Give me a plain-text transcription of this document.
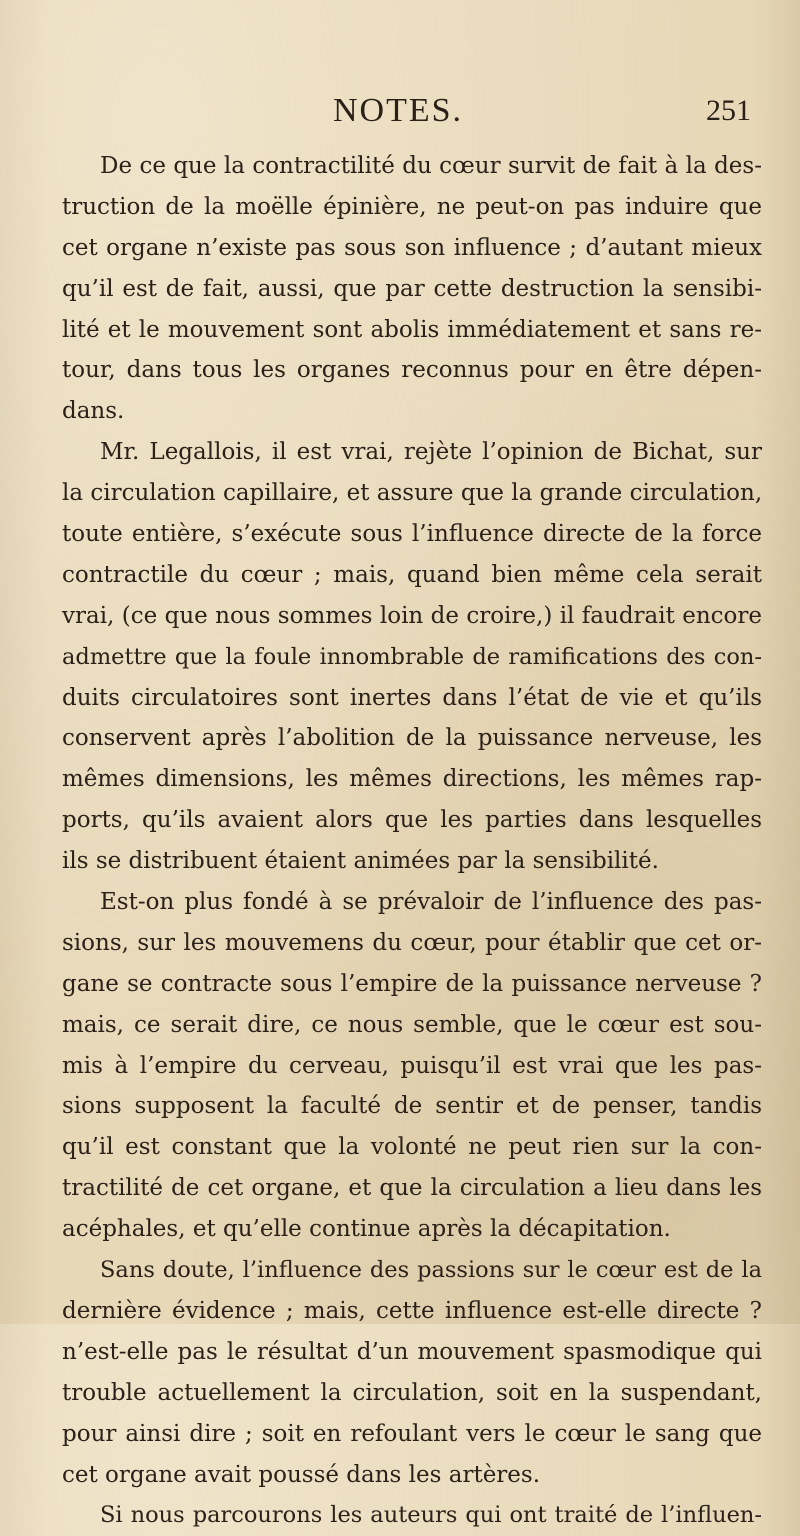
NOTES.	251
De ce que la contractilité du cœur survit de fait à la des-
truction de la moëlle épinière, ne peut-on pas induire que
cet organe n’existe pas sous son influence ; d’autant mieux
qu’il est de fait, aussi, que par cette destruction la sensibi-
lité et le mouvement sont abolis immédiatement et sans re-
tour, dans tous les organes reconnus pour en être dépen-
dans.
Mr. Legallois, il est vrai, rejète l’opinion de Bichat, sur
la circulation capillaire, et assure que la grande circulation,
toute entière, s’exécute sous l’influence directe de la force
contractile du cœur ; mais, quand bien même cela serait
vrai, (ce que nous sommes loin de croire,) il faudrait encore
admettre que la foule innombrable de ramifications des con-
duits circulatoires sont inertes dans l’état de vie et qu’ils
conservent après l’abolition de la puissance nerveuse, les
mêmes dimensions, les mêmes directions, les mêmes rap-
ports, qu’ils avaient alors que les parties dans lesquelles
ils se distribuent étaient animées par la sensibilité.
Est-on plus fondé à se prévaloir de l’influence des pas-
sions, sur les mouvemens du cœur, pour établir que cet or-
gane se contracte sous l’empire de la puissance nerveuse ?
mais, ce serait dire, ce nous semble, que le cœur est sou-
mis à l’empire du cerveau, puisqu’il est vrai que les pas-
sions supposent la faculté de sentir et de penser, tandis
qu’il est constant que la volonté ne peut rien sur la con-
tractilité de cet organe, et que la circulation a lieu dans les
acéphales, et qu’elle continue après la décapitation.
Sans doute, l’influence des passions sur le cœur est de la
dernière évidence ; mais, cette influence est-elle directe ?
n’est-elle pas le résultat d’un mouvement spasmodique qui
trouble actuellement la circulation, soit en la suspendant,
pour ainsi dire ; soit en refoulant vers le cœur le sang que
cet organe avait poussé dans les artères.
Si nous parcourons les auteurs qui ont traité de l’influen-
